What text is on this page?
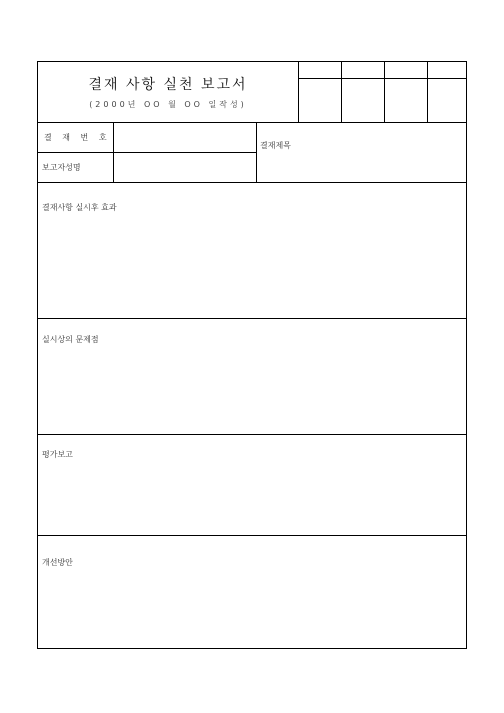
결재 사항 실천 보고서
(2000년 OO 월 OO 일작성)
결 재 번 호
보고자성명
결재제목
결재사항 실시후 효과
실시상의 문제점
평가보고
개선방안
